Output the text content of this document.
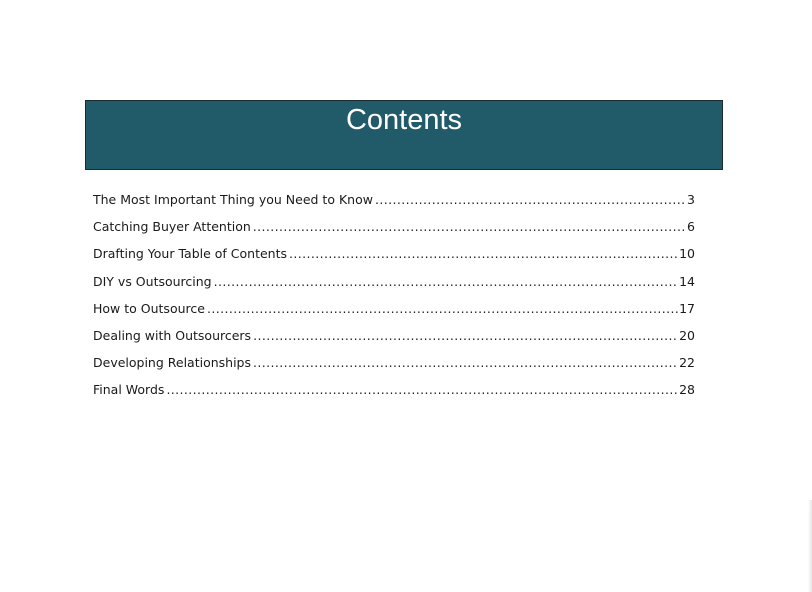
Contents
The Most Important Thing you Need to Know .....	3
Catching Buyer Attention .....	6
Drafting Your Table of Contents .....	10
DIY vs Outsourcing .....	14
How to Outsource .....	17
Dealing with Outsourcers .....	20
Developing Relationships .....	22
Final Words .....	28
